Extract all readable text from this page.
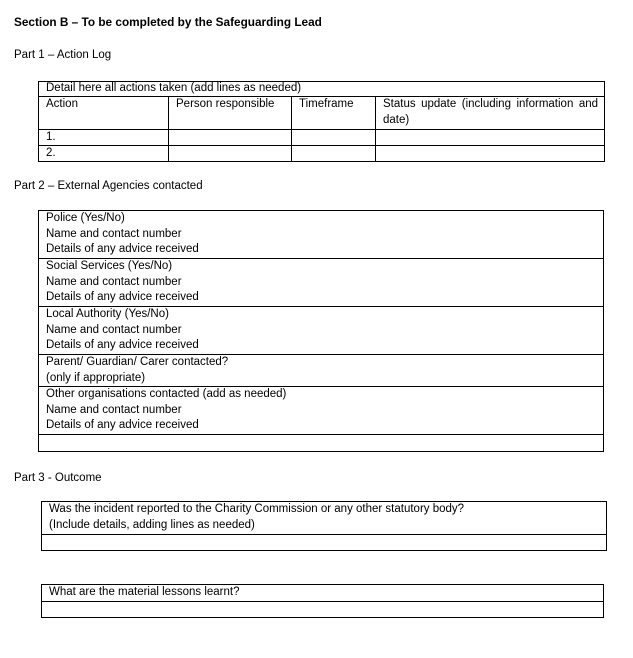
Section B – To be completed by the Safeguarding Lead
Part 1 – Action Log
Detail here all actions taken (add lines as needed)			
Action	Person responsible	Timeframe	Status update (including information and date)
1.			
2.			
Part 2 – External Agencies contacted
Police (Yes/No)
Name and contact number
Details of any advice received

Social Services (Yes/No)
Name and contact number
Details of any advice received

Local Authority (Yes/No)
Name and contact number
Details of any advice received

Parent/ Guardian/ Carer contacted?
(only if appropriate)

Other organisations contacted (add as needed)
Name and contact number
Details of any advice received

Part 3 - Outcome
Was the incident reported to the Charity Commission or any other statutory body?
(Include details, adding lines as needed)

What are the material lessons learnt?
